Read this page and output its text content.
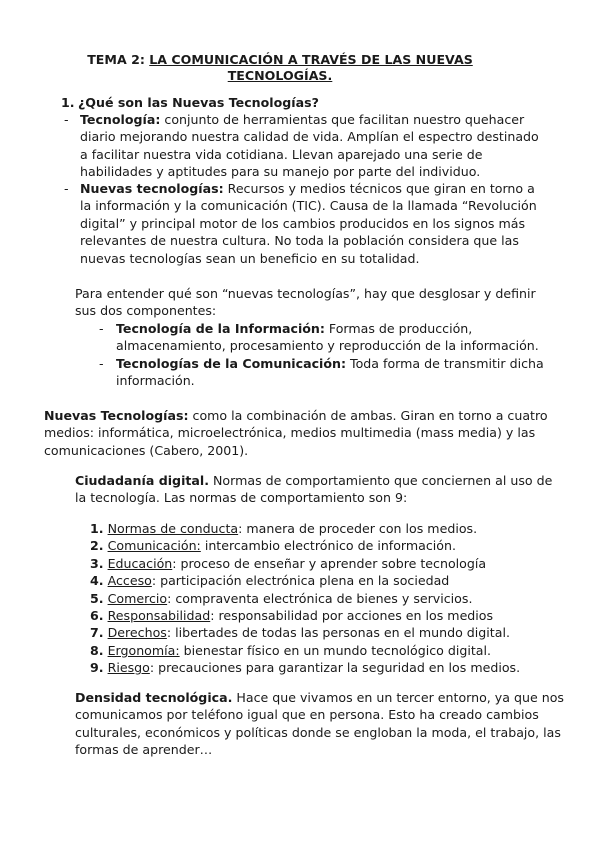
TEMA 2: LA COMUNICACIÓN A TRAVÉS DE LAS NUEVAS TECNOLOGÍAS.
1. ¿Qué son las Nuevas Tecnologías?
- Tecnología: conjunto de herramientas que facilitan nuestro quehacer diario mejorando nuestra calidad de vida. Amplían el espectro destinado a facilitar nuestra vida cotidiana. Llevan aparejado una serie de habilidades y aptitudes para su manejo por parte del individuo.
- Nuevas tecnologías: Recursos y medios técnicos que giran en torno a la información y la comunicación (TIC). Causa de la llamada “Revolución digital” y principal motor de los cambios producidos en los signos más relevantes de nuestra cultura. No toda la población considera que las nuevas tecnologías sean un beneficio en su totalidad.
Para entender qué son “nuevas tecnologías”, hay que desglosar y definir sus dos componentes:
- Tecnología de la Información: Formas de producción, almacenamiento, procesamiento y reproducción de la información.
- Tecnologías de la Comunicación: Toda forma de transmitir dicha información.
Nuevas Tecnologías: como la combinación de ambas. Giran en torno a cuatro medios: informática, microelectrónica, medios multimedia (mass media) y las comunicaciones (Cabero, 2001).
Ciudadanía digital. Normas de comportamiento que conciernen al uso de la tecnología. Las normas de comportamiento son 9:
1. Normas de conducta: manera de proceder con los medios.
2. Comunicación: intercambio electrónico de información.
3. Educación: proceso de enseñar y aprender sobre tecnología
4. Acceso: participación electrónica plena en la sociedad
5. Comercio: compraventa electrónica de bienes y servicios.
6. Responsabilidad: responsabilidad por acciones en los medios
7. Derechos: libertades de todas las personas en el mundo digital.
8. Ergonomía: bienestar físico en un mundo tecnológico digital.
9. Riesgo: precauciones para garantizar la seguridad en los medios.
Densidad tecnológica. Hace que vivamos en un tercer entorno, ya que nos comunicamos por teléfono igual que en persona. Esto ha creado cambios culturales, económicos y políticas donde se engloban la moda, el trabajo, las formas de aprender…
